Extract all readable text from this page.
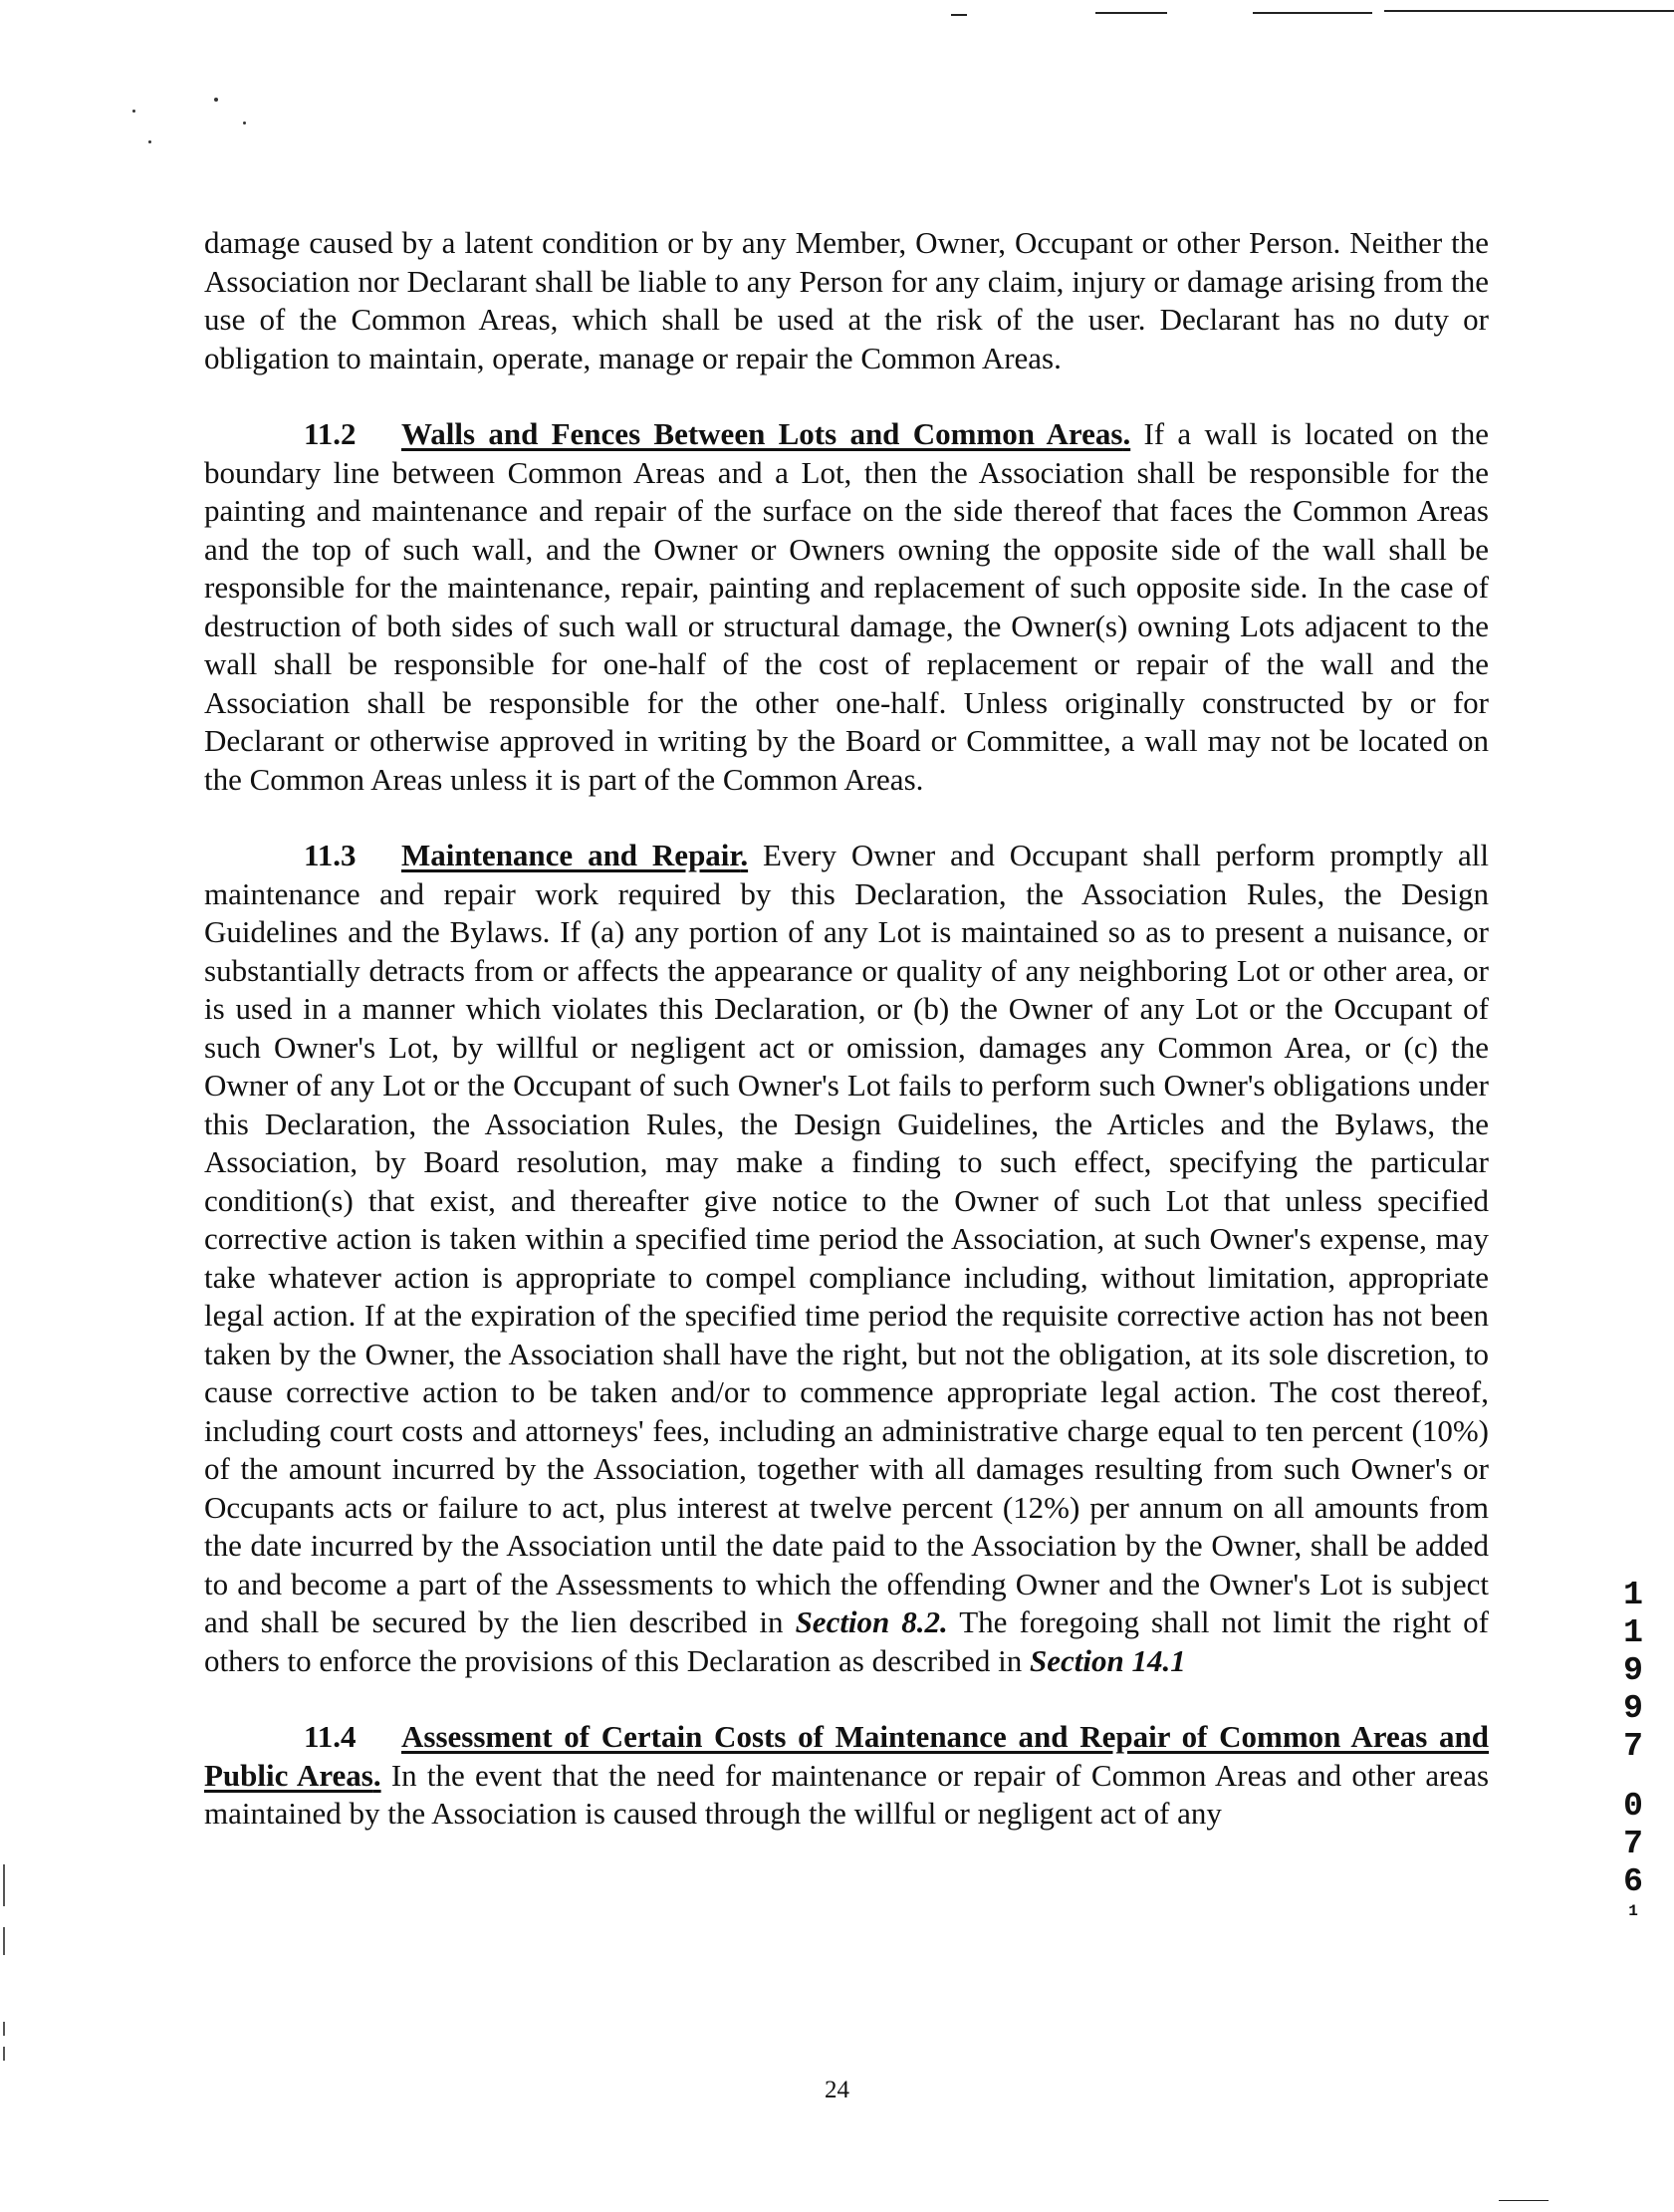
damage caused by a latent condition or by any Member, Owner, Occupant or other Person. Neither the Association nor Declarant shall be liable to any Person for any claim, injury or damage arising from the use of the Common Areas, which shall be used at the risk of the user. Declarant has no duty or obligation to maintain, operate, manage or repair the Common Areas.

11.2 Walls and Fences Between Lots and Common Areas. If a wall is located on the boundary line between Common Areas and a Lot, then the Association shall be responsible for the painting and maintenance and repair of the surface on the side thereof that faces the Common Areas and the top of such wall, and the Owner or Owners owning the opposite side of the wall shall be responsible for the maintenance, repair, painting and replacement of such opposite side. In the case of destruction of both sides of such wall or structural damage, the Owner(s) owning Lots adjacent to the wall shall be responsible for one-half of the cost of replacement or repair of the wall and the Association shall be responsible for the other one-half. Unless originally constructed by or for Declarant or otherwise approved in writing by the Board or Committee, a wall may not be located on the Common Areas unless it is part of the Common Areas.

11.3 Maintenance and Repair. Every Owner and Occupant shall perform promptly all maintenance and repair work required by this Declaration, the Association Rules, the Design Guidelines and the Bylaws. If (a) any portion of any Lot is maintained so as to present a nuisance, or substantially detracts from or affects the appearance or quality of any neighboring Lot or other area, or is used in a manner which violates this Declaration, or (b) the Owner of any Lot or the Occupant of such Owner's Lot, by willful or negligent act or omission, damages any Common Area, or (c) the Owner of any Lot or the Occupant of such Owner's Lot fails to perform such Owner's obligations under this Declaration, the Association Rules, the Design Guidelines, the Articles and the Bylaws, the Association, by Board resolution, may make a finding to such effect, specifying the particular condition(s) that exist, and thereafter give notice to the Owner of such Lot that unless specified corrective action is taken within a specified time period the Association, at such Owner's expense, may take whatever action is appropriate to compel compliance including, without limitation, appropriate legal action. If at the expiration of the specified time period the requisite corrective action has not been taken by the Owner, the Association shall have the right, but not the obligation, at its sole discretion, to cause corrective action to be taken and/or to commence appropriate legal action. The cost thereof, including court costs and attorneys' fees, including an administrative charge equal to ten percent (10%) of the amount incurred by the Association, together with all damages resulting from such Owner's or Occupants acts or failure to act, plus interest at twelve percent (12%) per annum on all amounts from the date incurred by the Association until the date paid to the Association by the Owner, shall be added to and become a part of the Assessments to which the offending Owner and the Owner's Lot is subject and shall be secured by the lien described in Section 8.2. The foregoing shall not limit the right of others to enforce the provisions of this Declaration as described in Section 14.1

11.4 Assessment of Certain Costs of Maintenance and Repair of Common Areas and Public Areas. In the event that the need for maintenance or repair of Common Areas and other areas maintained by the Association is caused through the willful or negligent act of any

1
1
9
9
7
0
7
6
1
24
